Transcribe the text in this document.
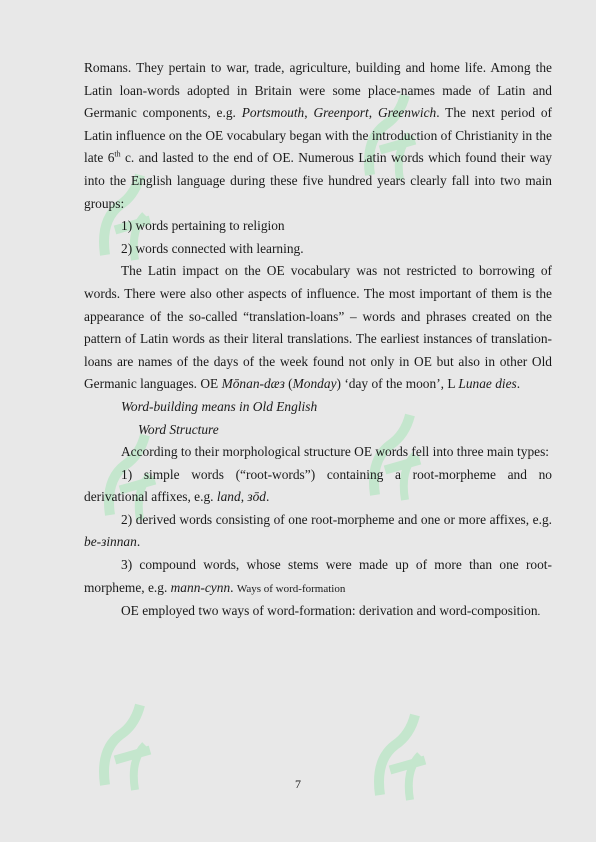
Romans. They pertain to war, trade, agriculture, building and home life. Among the Latin loan-words adopted in Britain were some place-names made of Latin and Germanic components, e.g. Portsmouth, Greenport, Greenwich. The next period of Latin influence on the OE vocabulary began with the introduction of Christianity in the late 6th c. and lasted to the end of OE. Numerous Latin words which found their way into the English language during these five hundred years clearly fall into two main groups:

1) words pertaining to religion

2) words connected with learning.

The Latin impact on the OE vocabulary was not restricted to borrowing of words. There were also other aspects of influence. The most important of them is the appearance of the so-called “translation-loans” – words and phrases created on the pattern of Latin words as their literal translations. The earliest instances of translation-loans are names of the days of the week found not only in OE but also in other Old Germanic languages. OE Mōnan-dæз (Monday) ‘day of the moon’, L Lunae dies.

Word-building means in Old English

Word Structure

According to their morphological structure OE words fell into three main types:

1) simple words (“root-words”) containing a root-morpheme and no derivational affixes, e.g. land, зōd.

2) derived words consisting of one root-morpheme and one or more affixes, e.g. be-зinnan.

3) compound words, whose stems were made up of more than one root-morpheme, e.g. mann-cynn. Ways of word-formation

OE employed two ways of word-formation: derivation and word-composition.

7
